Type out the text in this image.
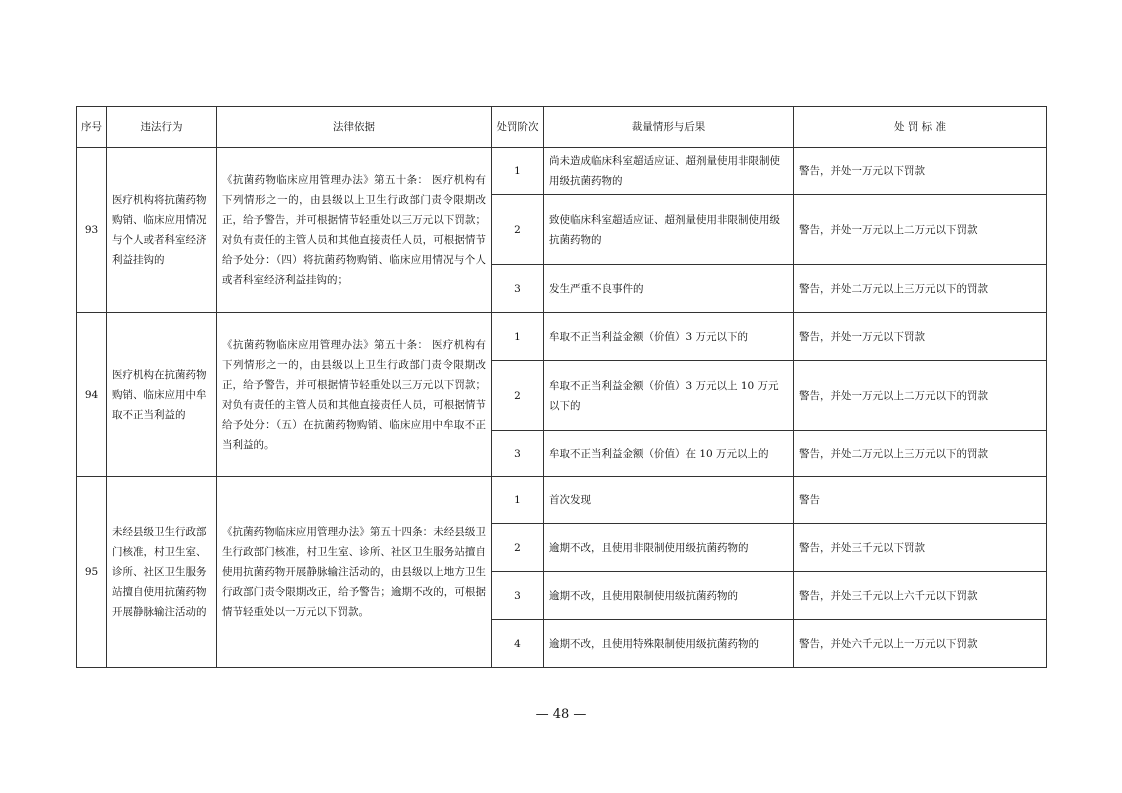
序号	违法行为	法律依据	处罚阶次	裁量情形与后果	处 罚 标 准
93	医疗机构将抗菌药物购销、临床应用情况与个人或者科室经济利益挂钩的	《抗菌药物临床应用管理办法》第五十条： 医疗机构有下列情形之一的，由县级以上卫生行政部门责令限期改正，给予警告，并可根据情节轻重处以三万元以下罚款；对负有责任的主管人员和其他直接责任人员，可根据情节给予处分：（四）将抗菌药物购销、临床应用情况与个人或者科室经济利益挂钩的；	1	尚未造成临床科室超适应证、超剂量使用非限制使用级抗菌药物的	警告，并处一万元以下罚款
			2	致使临床科室超适应证、超剂量使用非限制使用级抗菌药物的	警告，并处一万元以上二万元以下罚款
			3	发生严重不良事件的	警告，并处二万元以上三万元以下的罚款
94	医疗机构在抗菌药物购销、临床应用中牟取不正当利益的	《抗菌药物临床应用管理办法》第五十条： 医疗机构有下列情形之一的，由县级以上卫生行政部门责令限期改正，给予警告，并可根据情节轻重处以三万元以下罚款；对负有责任的主管人员和其他直接责任人员，可根据情节给予处分：（五）在抗菌药物购销、临床应用中牟取不正当利益的。	1	牟取不正当利益金额（价值）3 万元以下的	警告，并处一万元以下罚款
			2	牟取不正当利益金额（价值）3 万元以上 10 万元以下的	警告，并处一万元以上二万元以下的罚款
			3	牟取不正当利益金额（价值）在 10 万元以上的	警告，并处二万元以上三万元以下的罚款
95	未经县级卫生行政部门核准，村卫生室、诊所、社区卫生服务站擅自使用抗菌药物开展静脉输注活动的	《抗菌药物临床应用管理办法》第五十四条：未经县级卫生行政部门核准，村卫生室、诊所、社区卫生服务站擅自使用抗菌药物开展静脉输注活动的，由县级以上地方卫生行政部门责令限期改正，给予警告；逾期不改的，可根据情节轻重处以一万元以下罚款。	1	首次发现	警告
			2	逾期不改，且使用非限制使用级抗菌药物的	警告，并处三千元以下罚款
			3	逾期不改，且使用限制使用级抗菌药物的	警告，并处三千元以上六千元以下罚款
			4	逾期不改，且使用特殊限制使用级抗菌药物的	警告，并处六千元以上一万元以下罚款
— 48 —
